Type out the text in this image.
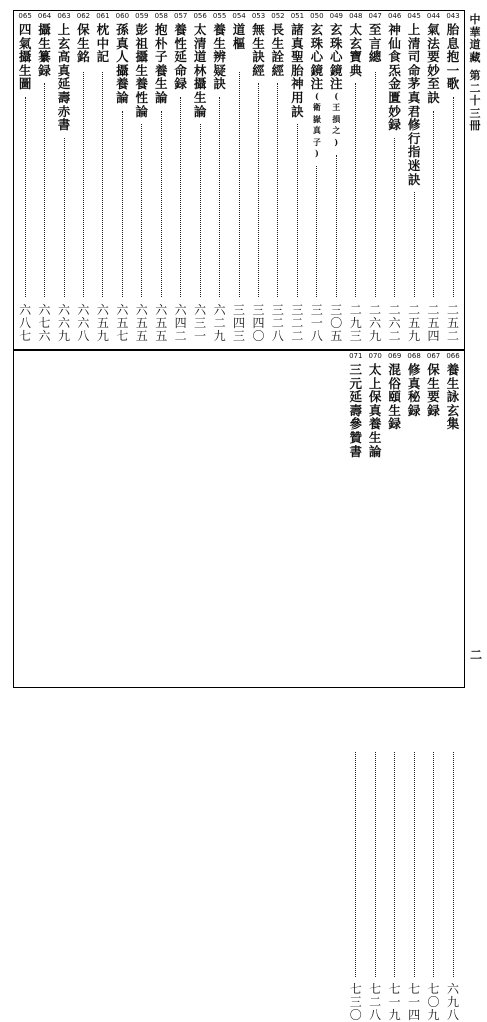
中
華
道
藏
第
二
十
三
冊
二
043
胎
息
抱
一
歌
二
五
二
044
氣
法
要
妙
至
訣
二
五
四
045
上
清
司
命
茅
真
君
修
行
指
迷
訣
二
五
九
046
神
仙
食
炁
金
匱
妙
録
二
六
二
047
至
言
總
二
六
九
048
太
玄
寶
典
二
九
三
049
玄
珠
心
鏡
注
(
王
損
之
)
三
〇
五
050
玄
珠
心
鏡
注
(
衛
嶽
真
子
)
三
一
八
051
諸
真
聖
胎
神
用
訣
三
二
二
052
長
生
詮
經
三
二
八
053
無
生
訣
經
三
四
〇
054
道
樞
三
四
三
055
養
生
辨
疑
訣
六
二
九
056
太
清
道
林
攝
生
論
六
三
一
057
養
性
延
命
録
六
四
二
058
抱
朴
子
養
生
論
六
五
五
059
彭
祖
攝
生
養
性
論
六
五
五
060
孫
真
人
攝
養
論
六
五
七
061
枕
中
記
六
五
九
062
保
生
銘
六
六
八
063
上
玄
高
真
延
壽
赤
書
六
六
九
064
攝
生
纂
録
六
七
六
065
四
氣
攝
生
圖
六
八
七
066
養
生
詠
玄
集
六
九
八
067
保
生
要
録
七
〇
九
068
修
真
秘
録
七
一
四
069
混
俗
頤
生
録
七
一
九
070
太
上
保
真
養
生
論
七
二
八
071
三
元
延
壽
參
贊
書
七
三
〇
